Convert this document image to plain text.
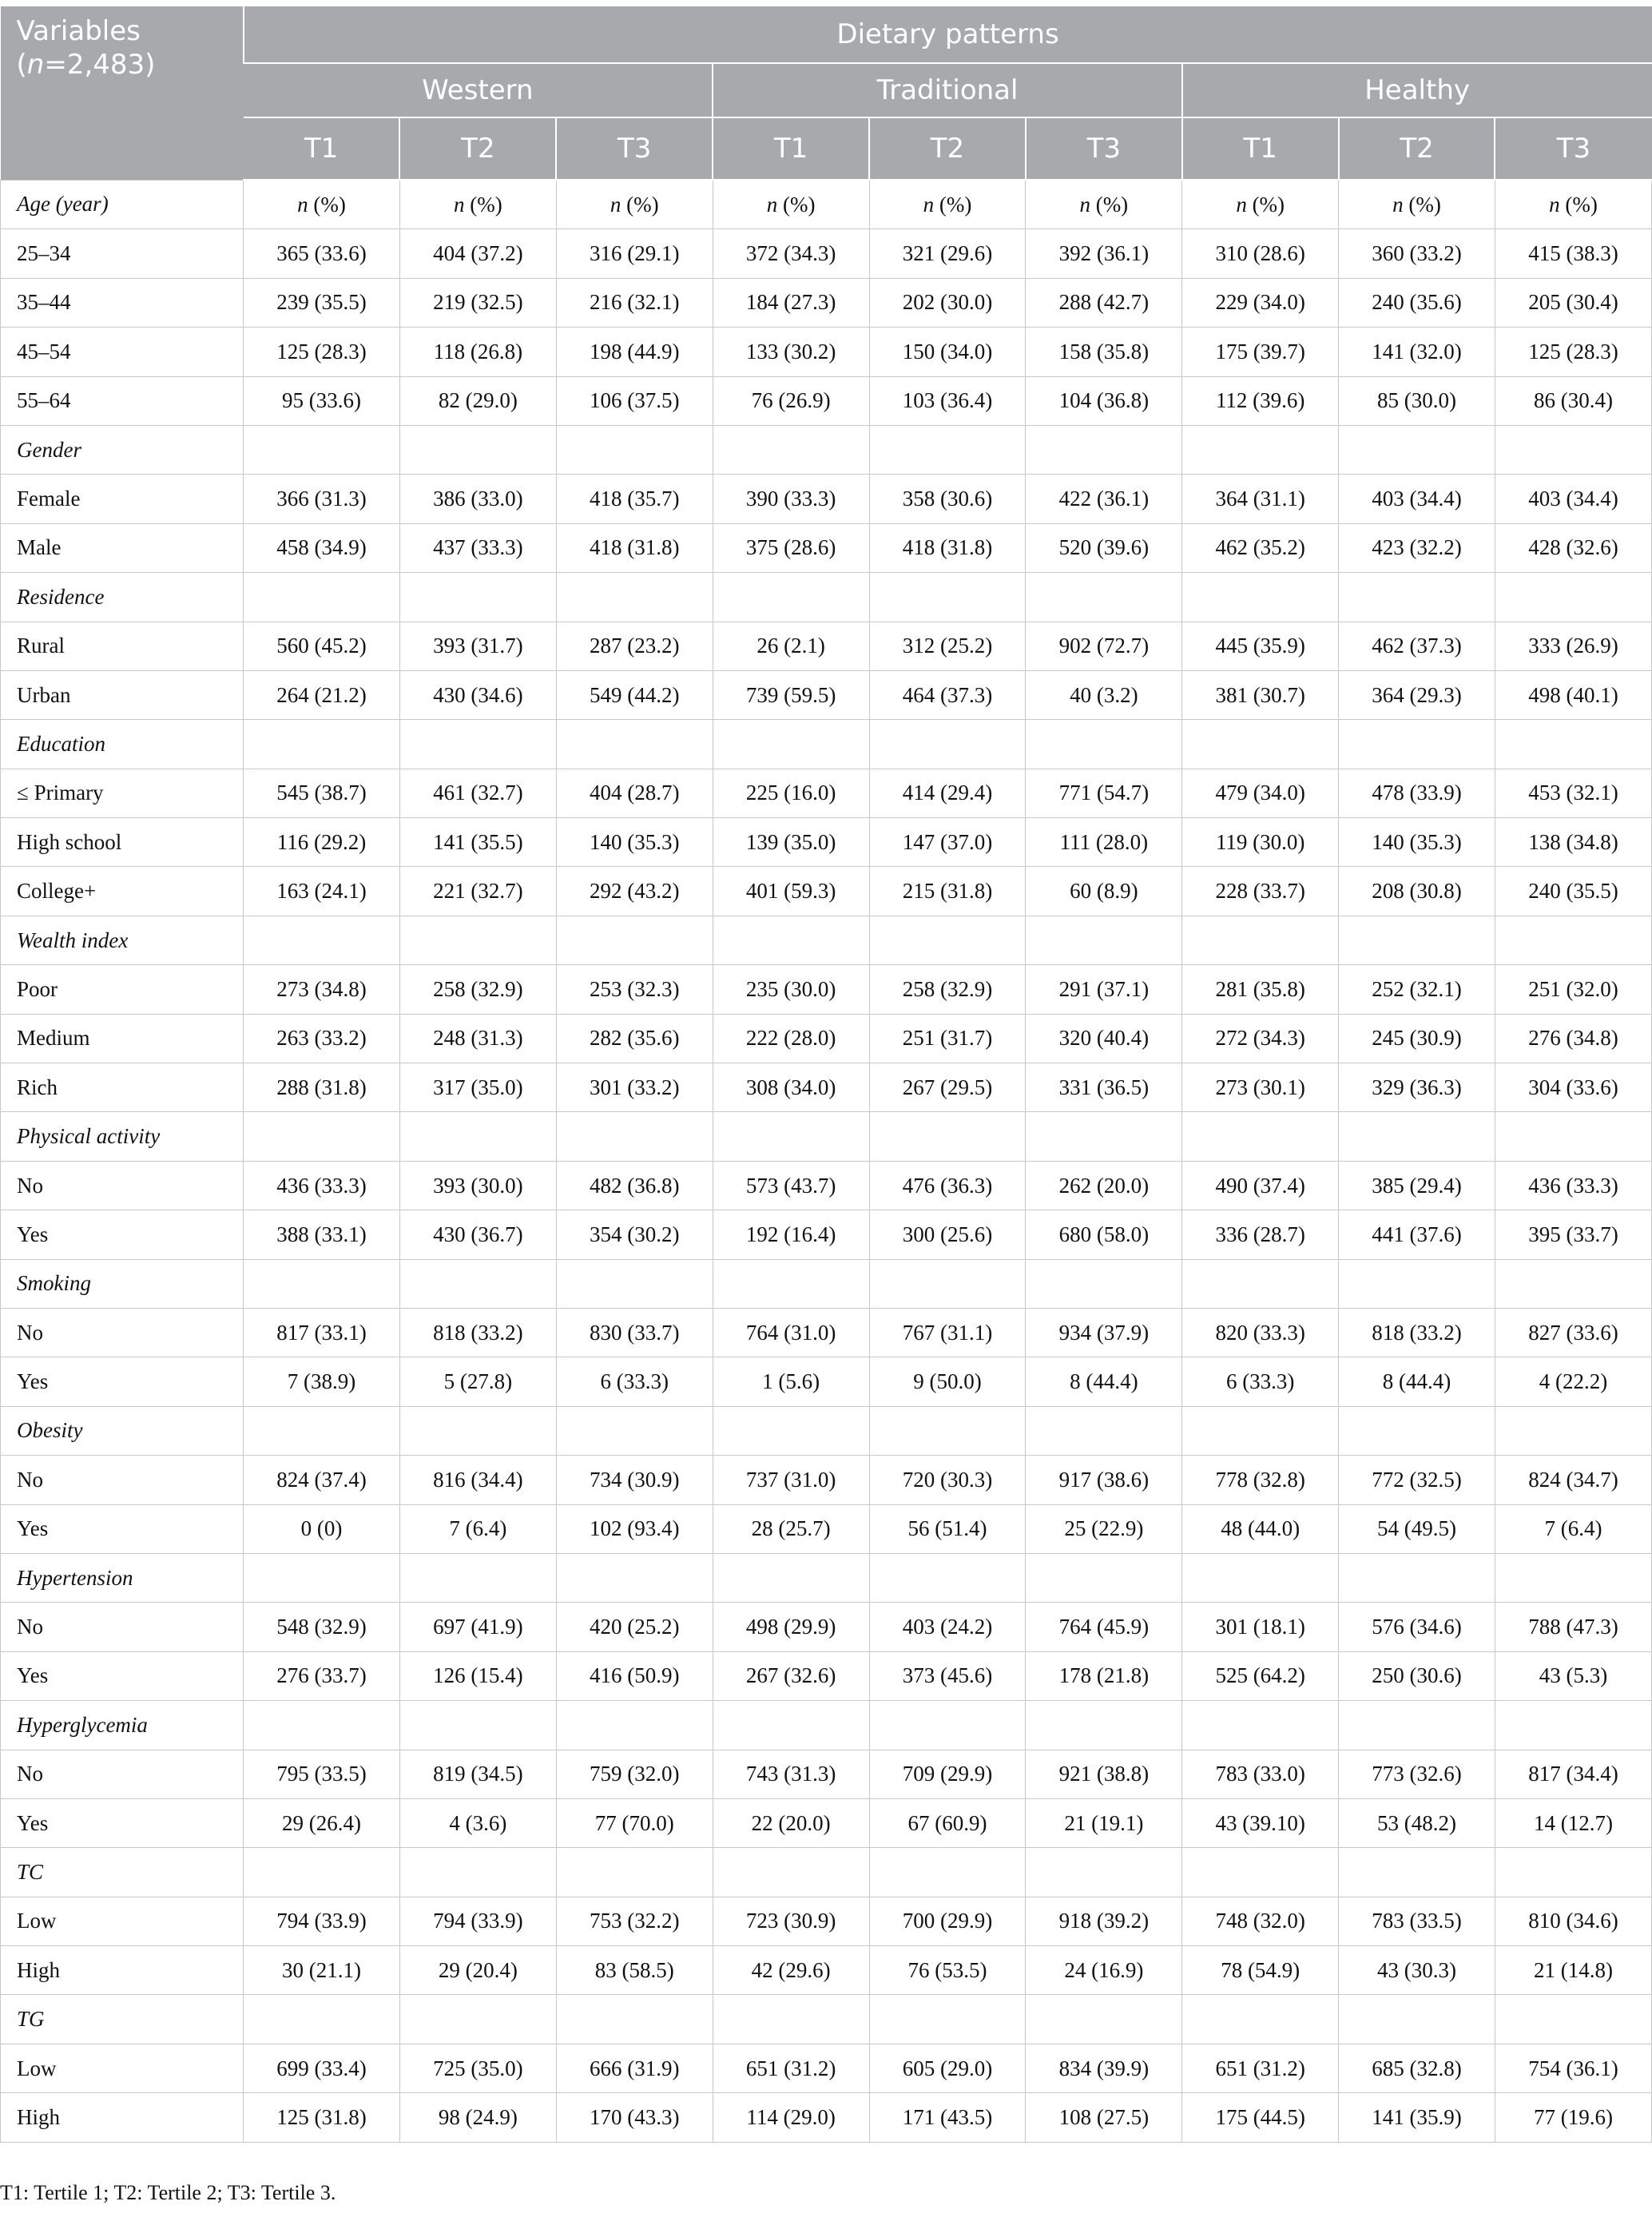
Variables
(n=2,483)	Dietary patterns								
	Western			Traditional			Healthy		
	T1	T2	T3	T1	T2	T3	T1	T2	T3
Age (year)	n (%)	n (%)	n (%)	n (%)	n (%)	n (%)	n (%)	n (%)	n (%)
25–34	365 (33.6)	404 (37.2)	316 (29.1)	372 (34.3)	321 (29.6)	392 (36.1)	310 (28.6)	360 (33.2)	415 (38.3)
35–44	239 (35.5)	219 (32.5)	216 (32.1)	184 (27.3)	202 (30.0)	288 (42.7)	229 (34.0)	240 (35.6)	205 (30.4)
45–54	125 (28.3)	118 (26.8)	198 (44.9)	133 (30.2)	150 (34.0)	158 (35.8)	175 (39.7)	141 (32.0)	125 (28.3)
55–64	95 (33.6)	82 (29.0)	106 (37.5)	76 (26.9)	103 (36.4)	104 (36.8)	112 (39.6)	85 (30.0)	86 (30.4)
Gender									
Female	366 (31.3)	386 (33.0)	418 (35.7)	390 (33.3)	358 (30.6)	422 (36.1)	364 (31.1)	403 (34.4)	403 (34.4)
Male	458 (34.9)	437 (33.3)	418 (31.8)	375 (28.6)	418 (31.8)	520 (39.6)	462 (35.2)	423 (32.2)	428 (32.6)
Residence									
Rural	560 (45.2)	393 (31.7)	287 (23.2)	26 (2.1)	312 (25.2)	902 (72.7)	445 (35.9)	462 (37.3)	333 (26.9)
Urban	264 (21.2)	430 (34.6)	549 (44.2)	739 (59.5)	464 (37.3)	40 (3.2)	381 (30.7)	364 (29.3)	498 (40.1)
Education									
≤ Primary	545 (38.7)	461 (32.7)	404 (28.7)	225 (16.0)	414 (29.4)	771 (54.7)	479 (34.0)	478 (33.9)	453 (32.1)
High school	116 (29.2)	141 (35.5)	140 (35.3)	139 (35.0)	147 (37.0)	111 (28.0)	119 (30.0)	140 (35.3)	138 (34.8)
College+	163 (24.1)	221 (32.7)	292 (43.2)	401 (59.3)	215 (31.8)	60 (8.9)	228 (33.7)	208 (30.8)	240 (35.5)
Wealth index									
Poor	273 (34.8)	258 (32.9)	253 (32.3)	235 (30.0)	258 (32.9)	291 (37.1)	281 (35.8)	252 (32.1)	251 (32.0)
Medium	263 (33.2)	248 (31.3)	282 (35.6)	222 (28.0)	251 (31.7)	320 (40.4)	272 (34.3)	245 (30.9)	276 (34.8)
Rich	288 (31.8)	317 (35.0)	301 (33.2)	308 (34.0)	267 (29.5)	331 (36.5)	273 (30.1)	329 (36.3)	304 (33.6)
Physical activity									
No	436 (33.3)	393 (30.0)	482 (36.8)	573 (43.7)	476 (36.3)	262 (20.0)	490 (37.4)	385 (29.4)	436 (33.3)
Yes	388 (33.1)	430 (36.7)	354 (30.2)	192 (16.4)	300 (25.6)	680 (58.0)	336 (28.7)	441 (37.6)	395 (33.7)
Smoking									
No	817 (33.1)	818 (33.2)	830 (33.7)	764 (31.0)	767 (31.1)	934 (37.9)	820 (33.3)	818 (33.2)	827 (33.6)
Yes	7 (38.9)	5 (27.8)	6 (33.3)	1 (5.6)	9 (50.0)	8 (44.4)	6 (33.3)	8 (44.4)	4 (22.2)
Obesity									
No	824 (37.4)	816 (34.4)	734 (30.9)	737 (31.0)	720 (30.3)	917 (38.6)	778 (32.8)	772 (32.5)	824 (34.7)
Yes	0 (0)	7 (6.4)	102 (93.4)	28 (25.7)	56 (51.4)	25 (22.9)	48 (44.0)	54 (49.5)	7 (6.4)
Hypertension									
No	548 (32.9)	697 (41.9)	420 (25.2)	498 (29.9)	403 (24.2)	764 (45.9)	301 (18.1)	576 (34.6)	788 (47.3)
Yes	276 (33.7)	126 (15.4)	416 (50.9)	267 (32.6)	373 (45.6)	178 (21.8)	525 (64.2)	250 (30.6)	43 (5.3)
Hyperglycemia									
No	795 (33.5)	819 (34.5)	759 (32.0)	743 (31.3)	709 (29.9)	921 (38.8)	783 (33.0)	773 (32.6)	817 (34.4)
Yes	29 (26.4)	4 (3.6)	77 (70.0)	22 (20.0)	67 (60.9)	21 (19.1)	43 (39.10)	53 (48.2)	14 (12.7)
TC									
Low	794 (33.9)	794 (33.9)	753 (32.2)	723 (30.9)	700 (29.9)	918 (39.2)	748 (32.0)	783 (33.5)	810 (34.6)
High	30 (21.1)	29 (20.4)	83 (58.5)	42 (29.6)	76 (53.5)	24 (16.9)	78 (54.9)	43 (30.3)	21 (14.8)
TG									
Low	699 (33.4)	725 (35.0)	666 (31.9)	651 (31.2)	605 (29.0)	834 (39.9)	651 (31.2)	685 (32.8)	754 (36.1)
High	125 (31.8)	98 (24.9)	170 (43.3)	114 (29.0)	171 (43.5)	108 (27.5)	175 (44.5)	141 (35.9)	77 (19.6)
T1: Tertile 1; T2: Tertile 2; T3: Tertile 3.
